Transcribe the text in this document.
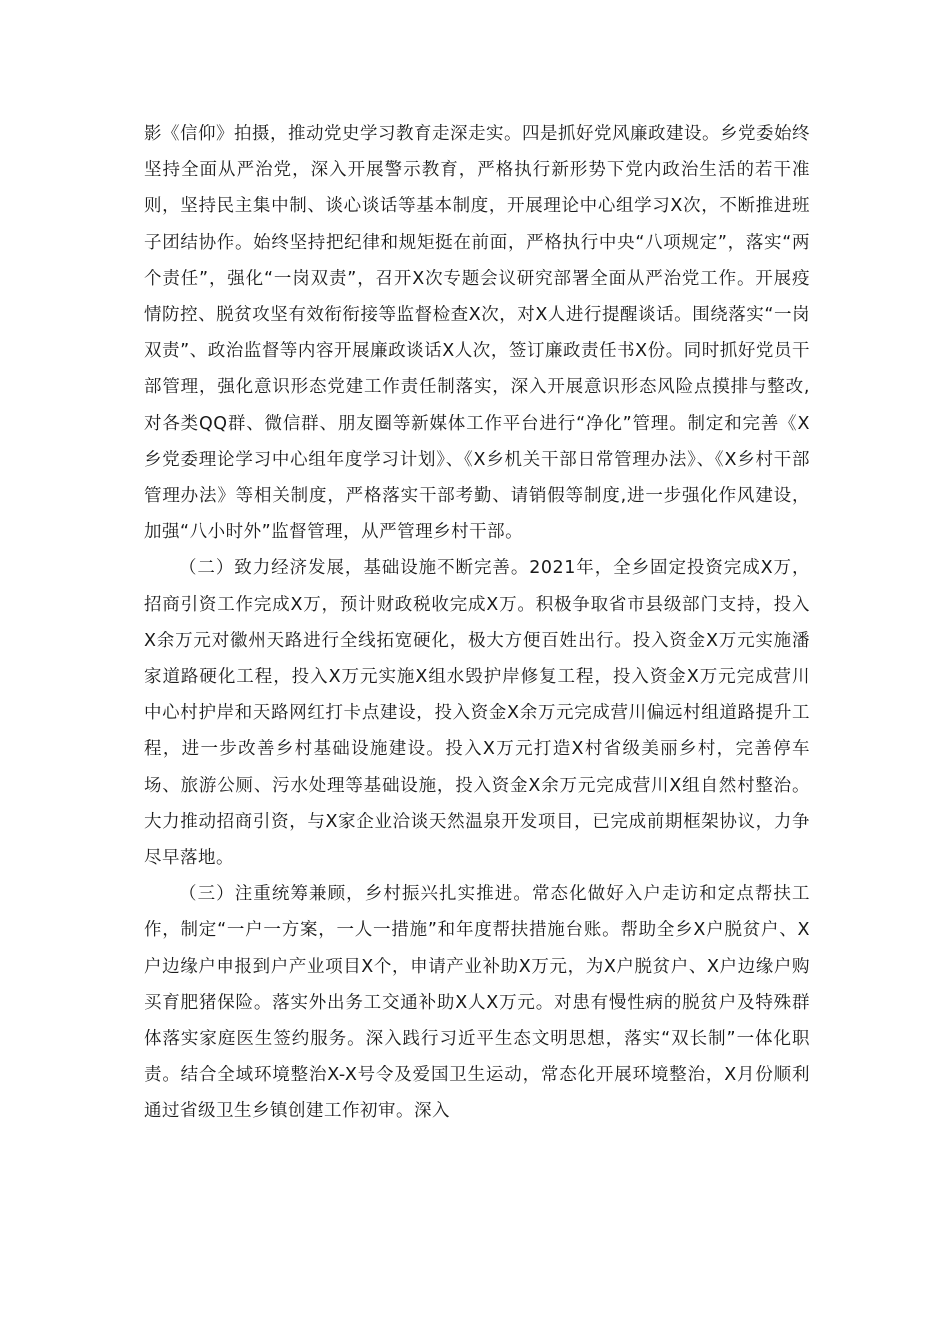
影《信仰》拍摄，推动党史学习教育走深走实。四是抓好党风廉政建设。乡党委始终坚持全面从严治党，深入开展警示教育，严格执行新形势下党内政治生活的若干准则，坚持民主集中制、谈心谈话等基本制度，开展理论中心组学习X次，不断推进班子团结协作。始终坚持把纪律和规矩挺在前面，严格执行中央“八项规定”，落实“两个责任”，强化“一岗双责”，召开X次专题会议研究部署全面从严治党工作。开展疫情防控、脱贫攻坚有效衔衔接等监督检查X次，对X人进行提醒谈话。围绕落实“一岗双责”、政治监督等内容开展廉政谈话X人次，签订廉政责任书X份。同时抓好党员干部管理，强化意识形态党建工作责任制落实，深入开展意识形态风险点摸排与整改,对各类QQ群、微信群、朋友圈等新媒体工作平台进行“净化”管理。制定和完善《X乡党委理论学习中心组年度学习计划》、《X乡机关干部日常管理办法》、《X乡村干部管理办法》等相关制度，严格落实干部考勤、请销假等制度,进一步强化作风建设，加强“八小时外”监督管理，从严管理乡村干部。

（二）致力经济发展，基础设施不断完善。2021年，全乡固定投资完成X万，招商引资工作完成X万，预计财政税收完成X万。积极争取省市县级部门支持，投入X余万元对徽州天路进行全线拓宽硬化，极大方便百姓出行。投入资金X万元实施潘家道路硬化工程，投入X万元实施X组水毁护岸修复工程，投入资金X万元完成营川中心村护岸和天路网红打卡点建设，投入资金X余万元完成营川偏远村组道路提升工程，进一步改善乡村基础设施建设。投入X万元打造X村省级美丽乡村，完善停车场、旅游公厕、污水处理等基础设施，投入资金X余万元完成营川X组自然村整治。大力推动招商引资，与X家企业洽谈天然温泉开发项目，已完成前期框架协议，力争尽早落地。

（三）注重统筹兼顾，乡村振兴扎实推进。常态化做好入户走访和定点帮扶工作，制定“一户一方案，一人一措施”和年度帮扶措施台账。帮助全乡X户脱贫户、X户边缘户申报到户产业项目X个，申请产业补助X万元，为X户脱贫户、X户边缘户购买育肥猪保险。落实外出务工交通补助X人X万元。对患有慢性病的脱贫户及特殊群体落实家庭医生签约服务。深入践行习近平生态文明思想，落实“双长制”一体化职责。结合全域环境整治X-X号令及爱国卫生运动，常态化开展环境整治，X月份顺利通过省级卫生乡镇创建工作初审。深入
